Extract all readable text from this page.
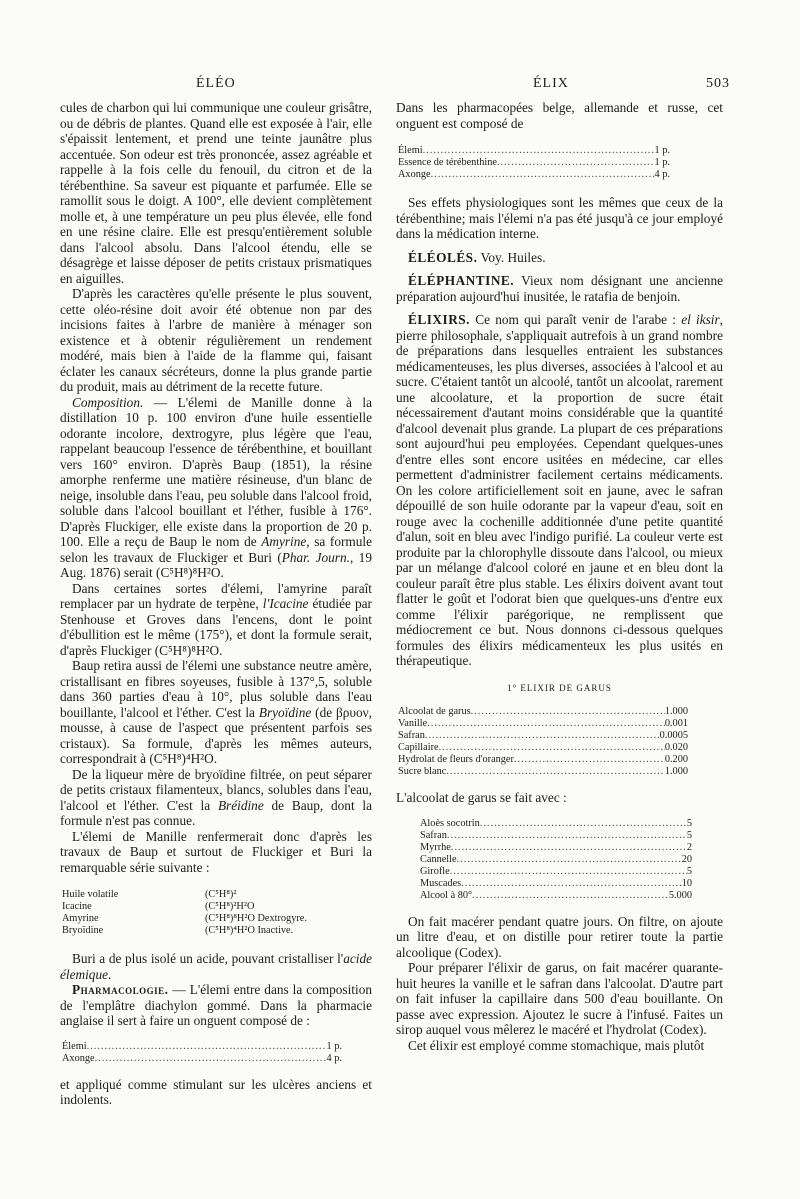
ÉLÉO	ÉLIX	503

cules de charbon qui lui communique une couleur grisâtre, ou de débris de plantes. Quand elle est exposée à l'air, elle s'épaissit lentement, et prend une teinte jaunâtre plus accentuée. Son odeur est très prononcée, assez agréable et rappelle à la fois celle du fenouil, du citron et de la térébenthine. Sa saveur est piquante et parfumée. Elle se ramollit sous le doigt. A 100°, elle devient complètement molle et, à une température un peu plus élevée, elle fond en une résine claire. Elle est presqu'entièrement soluble dans l'alcool absolu. Dans l'alcool étendu, elle se désagrège et laisse déposer de petits cristaux prismatiques en aiguilles.

D'après les caractères qu'elle présente le plus souvent, cette oléo-résine doit avoir été obtenue non par des incisions faites à l'arbre de manière à ménager son existence et à obtenir régulièrement un rendement modéré, mais bien à l'aide de la flamme qui, faisant éclater les canaux sécréteurs, donne la plus grande partie du produit, mais au détriment de la recette future.

Composition. — L'élemi de Manille donne à la distillation 10 p. 100 environ d'une huile essentielle odorante incolore, dextrogyre, plus légère que l'eau, rappelant beaucoup l'essence de térébenthine, et bouillant vers 160° environ. D'après Baup (1851), la résine amorphe renferme une matière résineuse, d'un blanc de neige, insoluble dans l'eau, peu soluble dans l'alcool froid, soluble dans l'alcool bouillant et l'éther, fusible à 176°. D'après Fluckiger, elle existe dans la proportion de 20 p. 100. Elle a reçu de Baup le nom de Amyrine, sa formule selon les travaux de Fluckiger et Buri (Phar. Journ., 19 Aug. 1876) serait (C⁵H⁸)⁸H²O.

Dans certaines sortes d'élemi, l'amyrine paraît remplacer par un hydrate de terpène, l'Icacine étudiée par Stenhouse et Groves dans l'encens, dont le point d'ébullition est le même (175°), et dont la formule serait, d'après Fluckiger (C⁵H⁸)⁸H²O.

Baup retira aussi de l'élemi une substance neutre amère, cristallisant en fibres soyeuses, fusible à 137°,5, soluble dans 360 parties d'eau à 10°, plus soluble dans l'eau bouillante, l'alcool et l'éther. C'est la Bryoïdine (de βρυον, mousse, à cause de l'aspect que présentent parfois ses cristaux). Sa formule, d'après les mêmes auteurs, correspondrait à (C⁵H⁸)⁴H²O.

De la liqueur mère de bryoïdine filtrée, on peut séparer de petits cristaux filamenteux, blancs, solubles dans l'eau, l'alcool et l'éther. C'est la Bréidine de Baup, dont la formule n'est pas connue.

L'élemi de Manille renfermerait donc d'après les travaux de Baup et surtout de Fluckiger et Buri la remarquable série suivante :

Huile volatile	(C⁵H⁸)²
Icacine	(C⁵H⁸)²H²O
Amyrine	(C⁵H⁸)⁸H²O Dextrogyre.
Bryoïdine	(C⁵H⁸)⁴H²O Inactive.

Buri a de plus isolé un acide, pouvant cristalliser l'acide élemique.

Pharmacologie. — L'élemi entre dans la composition de l'emplâtre diachylon gommé. Dans la pharmacie anglaise il sert à faire un onguent composé de :

Élemi .....	1 p.
Axonge .....	4 p.

et appliqué comme stimulant sur les ulcères anciens et indolents.

Dans les pharmacopées belge, allemande et russe, cet onguent est composé de

Élemi .....	1 p.
Essence de térébenthine .....	1 p.
Axonge .....	4 p.

Ses effets physiologiques sont les mêmes que ceux de la térébenthine; mais l'élemi n'a pas été jusqu'à ce jour employé dans la médication interne.

ÉLÉOLÉS. Voy. Huiles.

ÉLÉPHANTINE. Vieux nom désignant une ancienne préparation aujourd'hui inusitée, le ratafia de benjoin.

ÉLIXIRS. Ce nom qui paraît venir de l'arabe : el iksir, pierre philosophale, s'appliquait autrefois à un grand nombre de préparations dans lesquelles entraient les substances médicamenteuses, les plus diverses, associées à l'alcool et au sucre. C'étaient tantôt un alcoolé, tantôt un alcoolat, rarement une alcoolature, et la proportion de sucre était nécessairement d'autant moins considérable que la quantité d'alcool devenait plus grande. La plupart de ces préparations sont aujourd'hui peu employées. Cependant quelques-unes d'entre elles sont encore usitées en médecine, car elles permettent d'administrer facilement certains médicaments. On les colore artificiellement soit en jaune, avec le safran dépouillé de son huile odorante par la vapeur d'eau, soit en rouge avec la cochenille additionnée d'une petite quantité d'alun, soit en bleu avec l'indigo purifié. La couleur verte est produite par la chlorophylle dissoute dans l'alcool, ou mieux par un mélange d'alcool coloré en jaune et en bleu dont la couleur paraît être plus stable. Les élixirs doivent avant tout flatter le goût et l'odorat bien que quelques-uns d'entre eux comme l'élixir parégorique, ne remplissent que médiocrement ce but. Nous donnons ci-dessous quelques formules des élixirs médicamenteux les plus usités en thérapeutique.

1° ELIXIR DE GARUS

Alcoolat de garus .....	1.000
Vanille .....	0.001
Safran .....	0.0005
Capillaire .....	0.020
Hydrolat de fleurs d'oranger .....	0.200
Sucre blanc .....	1.000

L'alcoolat de garus se fait avec :

Aloès socotrin .....	5
Safran .....	5
Myrrhe .....	2
Cannelle .....	20
Girofle .....	5
Muscades .....	10
Alcool à 80° .....	5.000

On fait macérer pendant quatre jours. On filtre, on ajoute un litre d'eau, et on distille pour retirer toute la partie alcoolique (Codex).

Pour préparer l'élixir de garus, on fait macérer quarante-huit heures la vanille et le safran dans l'alcoolat. D'autre part on fait infuser la capillaire dans 500 d'eau bouillante. On passe avec expression. Ajoutez le sucre à l'infusé. Faites un sirop auquel vous mêlerez le macéré et l'hydrolat (Codex).

Cet élixir est employé comme stomachique, mais plutôt
